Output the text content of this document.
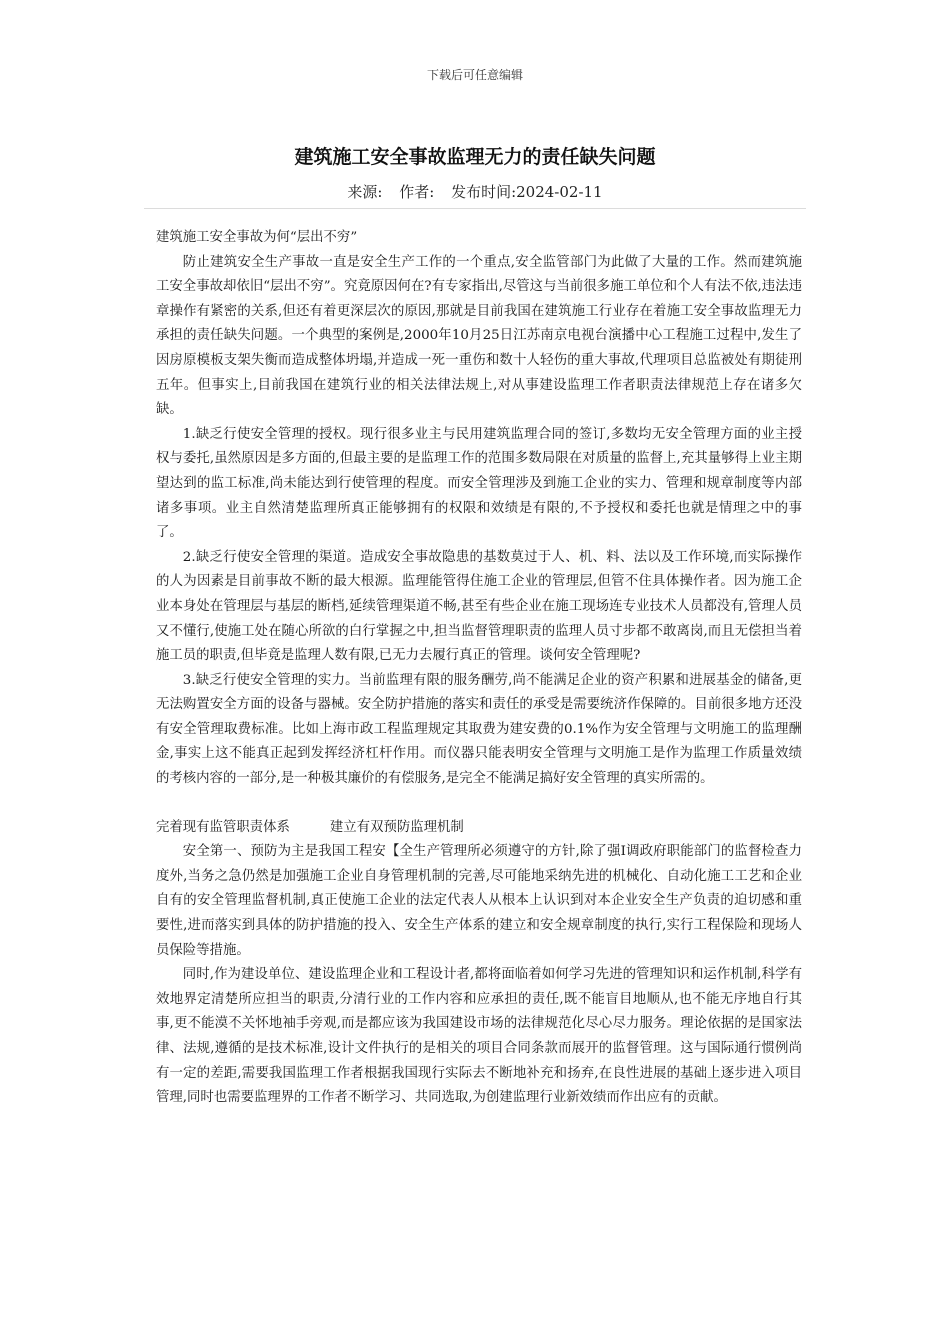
下载后可任意编辑
建筑施工安全事故监理无力的责任缺失问题
来源: 作者: 发布时间:2024-02-11

建筑施工安全事故为何“层出不穷”

防止建筑安全生产事故一直是安全生产工作的一个重点,安全监管部门为此做了大量的工作。然而建筑施工安全事故却依旧“层出不穷”。究竟原因何在?有专家指出,尽管这与当前很多施工单位和个人有法不依,违法违章操作有紧密的关系,但还有着更深层次的原因,那就是目前我国在建筑施工行业存在着施工安全事故监理无力承担的责任缺失问题。一个典型的案例是,2000年10月25日江苏南京电视台演播中心工程施工过程中,发生了因房原模板支架失衡而造成整体坍塌,并造成一死一重伤和数十人轻伤的重大事故,代理项目总监被处有期徒刑五年。但事实上,目前我国在建筑行业的相关法律法规上,对从事建设监理工作者职责法律规范上存在诸多欠缺。

1.缺乏行使安全管理的授权。现行很多业主与民用建筑监理合同的签订,多数均无安全管理方面的业主授权与委托,虽然原因是多方面的,但最主要的是监理工作的范围多数局限在对质量的监督上,充其量够得上业主期望达到的监工标准,尚未能达到行使管理的程度。而安全管理涉及到施工企业的实力、管理和规章制度等内部诸多事项。业主自然清楚监理所真正能够拥有的权限和效绩是有限的,不予授权和委托也就是情理之中的事了。

2.缺乏行使安全管理的渠道。造成安全事故隐患的基数莫过于人、机、料、法以及工作环境,而实际操作的人为因素是目前事故不断的最大根源。监理能管得住施工企业的管理层,但管不住具体操作者。因为施工企业本身处在管理层与基层的断档,延续管理渠道不畅,甚至有些企业在施工现场连专业技术人员都没有,管理人员又不懂行,使施工处在随心所欲的白行掌握之中,担当监督管理职责的监理人员寸步都不敢离岗,而且无偿担当着施工员的职责,但毕竟是监理人数有限,已无力去履行真正的管理。谈何安全管理呢?

3.缺乏行使安全管理的实力。当前监理有限的服务酬劳,尚不能满足企业的资产积累和进展基金的储备,更无法购置安全方面的设备与器械。安全防护措施的落实和责任的承受是需要统济作保障的。目前很多地方还没有安全管理取费标准。比如上海市政工程监理规定其取费为建安费的0.1%作为安全管理与文明施工的监理酬金,事实上这不能真正起到发挥经济杠杆作用。而仪器只能表明安全管理与文明施工是作为监理工作质量效绩的考核内容的一部分,是一种极其廉价的有偿服务,是完全不能满足搞好安全管理的真实所需的。

完着现有监管职责体系	建立有双预防监理机制

安全第一、预防为主是我国工程安【全生产管理所必须遵守的方针,除了强I调政府职能部门的监督检查力度外,当务之急仍然是加强施工企业自身管理机制的完善,尽可能地采纳先进的机械化、自动化施工工艺和企业自有的安全管理监督机制,真正使施工企业的法定代表人从根本上认识到对本企业安全生产负责的迫切感和重要性,进而落实到具体的防护措施的投入、安全生产体系的建立和安全规章制度的执行,实行工程保险和现场人员保险等措施。

同时,作为建设单位、建设监理企业和工程设计者,都将面临着如何学习先进的管理知识和运作机制,科学有效地界定清楚所应担当的职责,分清行业的工作内容和应承担的责任,既不能盲目地顺从,也不能无序地自行其事,更不能漠不关怀地袖手旁观,而是都应该为我国建设市场的法律规范化尽心尽力服务。理论依据的是国家法律、法规,遵循的是技术标准,设计文件执行的是相关的项目合同条款而展开的监督管理。这与国际通行惯例尚有一定的差距,需要我国监理工作者根据我国现行实际去不断地补充和扬弃,在良性进展的基础上逐步进入项目管理,同时也需要监理界的工作者不断学习、共同选取,为创建监理行业新效绩而作出应有的贡献。
